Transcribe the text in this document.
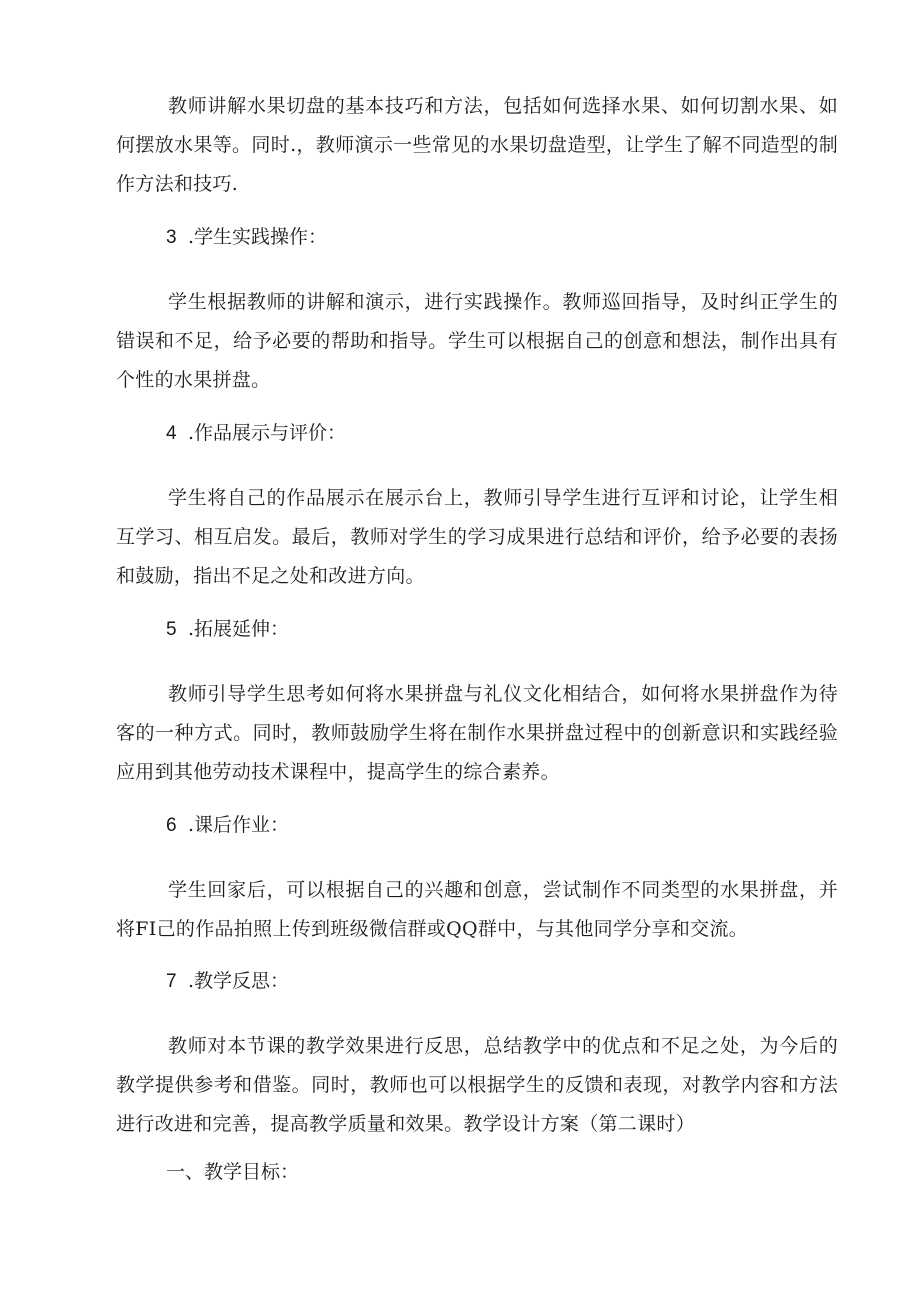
教师讲解水果切盘的基本技巧和方法，包括如何选择水果、如何切割水果、如何摆放水果等。同时.，教师演示一些常见的水果切盘造型，让学生了解不同造型的制作方法和技巧.

3 .学生实践操作：

学生根据教师的讲解和演示，进行实践操作。教师巡回指导，及时纠正学生的错误和不足，给予必要的帮助和指导。学生可以根据自己的创意和想法，制作出具有个性的水果拼盘。

4 .作品展示与评价：

学生将自己的作品展示在展示台上，教师引导学生进行互评和讨论，让学生相互学习、相互启发。最后，教师对学生的学习成果进行总结和评价，给予必要的表扬和鼓励，指出不足之处和改进方向。

5 .拓展延伸：

教师引导学生思考如何将水果拼盘与礼仪文化相结合，如何将水果拼盘作为待客的一种方式。同时，教师鼓励学生将在制作水果拼盘过程中的创新意识和实践经验应用到其他劳动技术课程中，提高学生的综合素养。

6 .课后作业：

学生回家后，可以根据自己的兴趣和创意，尝试制作不同类型的水果拼盘，并将FI己的作品拍照上传到班级微信群或QQ群中，与其他同学分享和交流。

7 .教学反思：

教师对本节课的教学效果进行反思，总结教学中的优点和不足之处，为今后的教学提供参考和借鉴。同时，教师也可以根据学生的反馈和表现，对教学内容和方法进行改进和完善，提高教学质量和效果。教学设计方案（第二课时）

一、教学目标：
